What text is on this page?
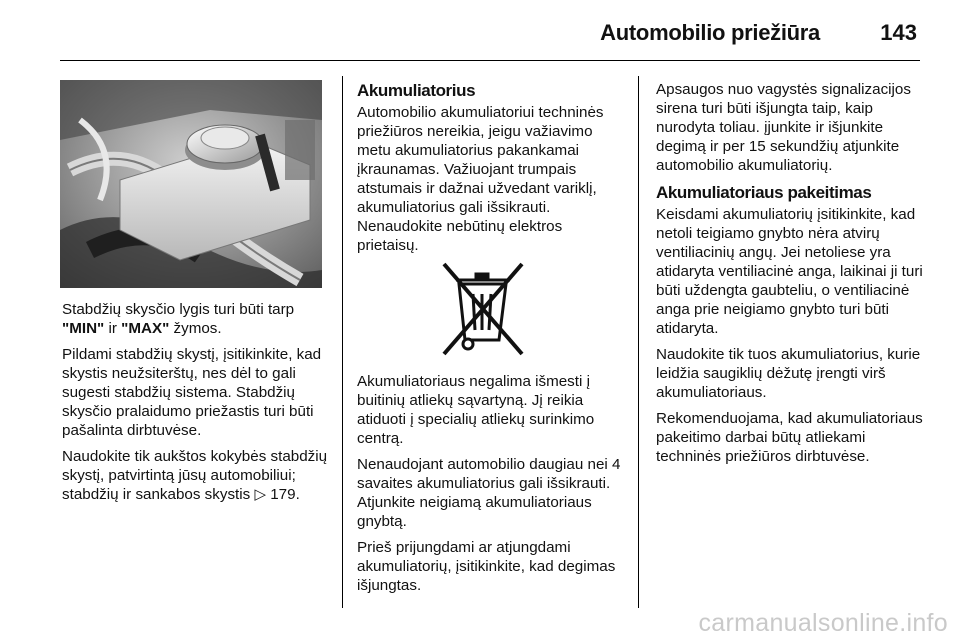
Automobilio priežiūra	143

Stabdžių skysčio lygis turi būti tarp "MIN" ir "MAX" žymos.

Pildami stabdžių skystį, įsitikinkite, kad skystis neužsiterštų, nes dėl to gali sugesti stabdžių sistema. Stabdžių skysčio pralaidumo priežastis turi būti pašalinta dirbtuvėse.

Naudokite tik aukštos kokybės stabdžių skystį, patvirtintą jūsų automobiliui; stabdžių ir sankabos skystis ▷ 179.

Akumuliatorius

Automobilio akumuliatoriui techninės priežiūros nereikia, jeigu važiavimo metu akumuliatorius pakankamai įkraunamas. Važiuojant trumpais atstumais ir dažnai užvedant variklį, akumuliatorius gali išsikrauti. Nenaudokite nebūtinų elektros prietaisų.

Akumuliatoriaus negalima išmesti į buitinių atliekų sąvartyną. Jį reikia atiduoti į specialių atliekų surinkimo centrą.

Nenaudojant automobilio daugiau nei 4 savaites akumuliatorius gali išsikrauti. Atjunkite neigiamą akumuliatoriaus gnybtą.

Prieš prijungdami ar atjungdami akumuliatorių, įsitikinkite, kad degimas išjungtas.

Apsaugos nuo vagystės signalizacijos sirena turi būti išjungta taip, kaip nurodyta toliau. įjunkite ir išjunkite degimą ir per 15 sekundžių atjunkite automobilio akumuliatorių.

Akumuliatoriaus pakeitimas

Keisdami akumuliatorių įsitikinkite, kad netoli teigiamo gnybto nėra atvirų ventiliacinių angų. Jei netoliese yra atidaryta ventiliacinė anga, laikinai ji turi būti uždengta gaubteliu, o ventiliacinė anga prie neigiamo gnybto turi būti atidaryta.

Naudokite tik tuos akumuliatorius, kurie leidžia saugiklių dėžutę įrengti virš akumuliatoriaus.

Rekomenduojama, kad akumuliatoriaus pakeitimo darbai būtų atliekami techninės priežiūros dirbtuvėse.

carmanualsonline.info
